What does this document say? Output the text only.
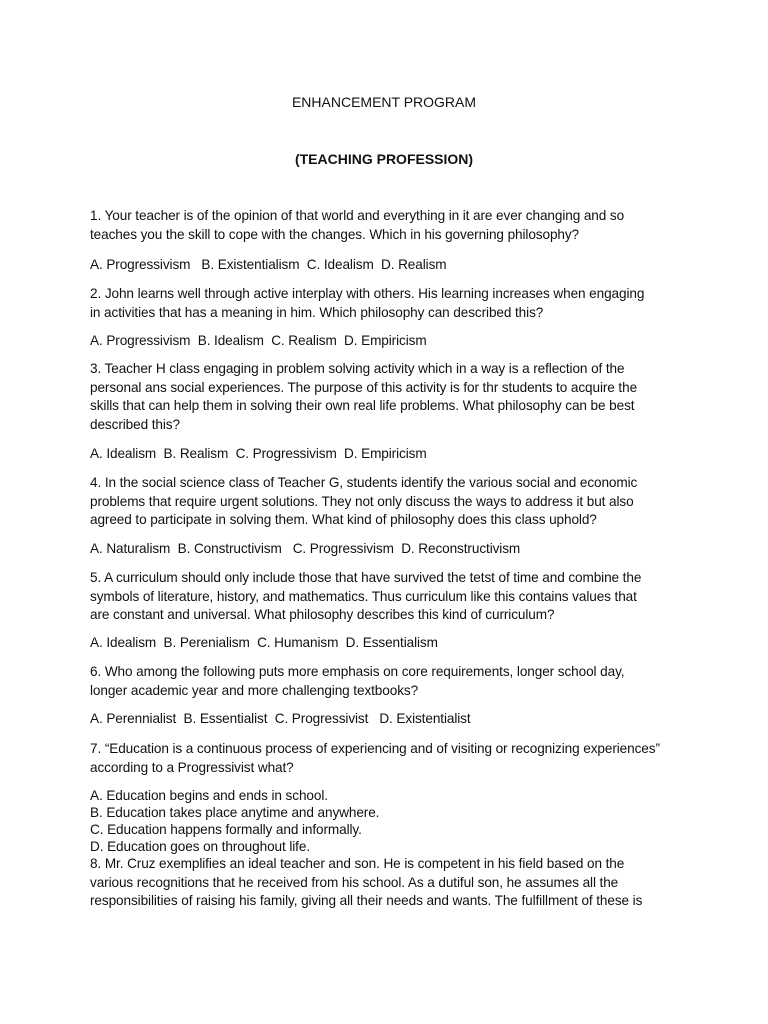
ENHANCEMENT PROGRAM
(TEACHING PROFESSION)
1. Your teacher is of the opinion of that world and everything in it are ever changing and so
teaches you the skill to cope with the changes. Which in his governing philosophy?
A. Progressivism   B. Existentialism  C. Idealism  D. Realism
2. John learns well through active interplay with others. His learning increases when engaging
in activities that has a meaning in him. Which philosophy can described this?
A. Progressivism  B. Idealism  C. Realism  D. Empiricism
3. Teacher H class engaging in problem solving activity which in a way is a reflection of the
personal ans social experiences. The purpose of this activity is for thr students to acquire the
skills that can help them in solving their own real life problems. What philosophy can be best
described this?
A. Idealism  B. Realism  C. Progressivism  D. Empiricism
4. In the social science class of Teacher G, students identify the various social and economic
problems that require urgent solutions. They not only discuss the ways to address it but also
agreed to participate in solving them. What kind of philosophy does this class uphold?
A. Naturalism  B. Constructivism   C. Progressivism  D. Reconstructivism
5. A curriculum should only include those that have survived the tetst of time and combine the
symbols of literature, history, and mathematics. Thus curriculum like this contains values that
are constant and universal. What philosophy describes this kind of curriculum?
A. Idealism  B. Perenialism  C. Humanism  D. Essentialism
6. Who among the following puts more emphasis on core requirements, longer school day,
longer academic year and more challenging textbooks?
A. Perennialist  B. Essentialist  C. Progressivist   D. Existentialist
7. “Education is a continuous process of experiencing and of visiting or recognizing experiences”
according to a Progressivist what?
A. Education begins and ends in school.
B. Education takes place anytime and anywhere.
C. Education happens formally and informally.
D. Education goes on throughout life.
8. Mr. Cruz exemplifies an ideal teacher and son. He is competent in his field based on the
various recognitions that he received from his school. As a dutiful son, he assumes all the
responsibilities of raising his family, giving all their needs and wants. The fulfillment of these is
